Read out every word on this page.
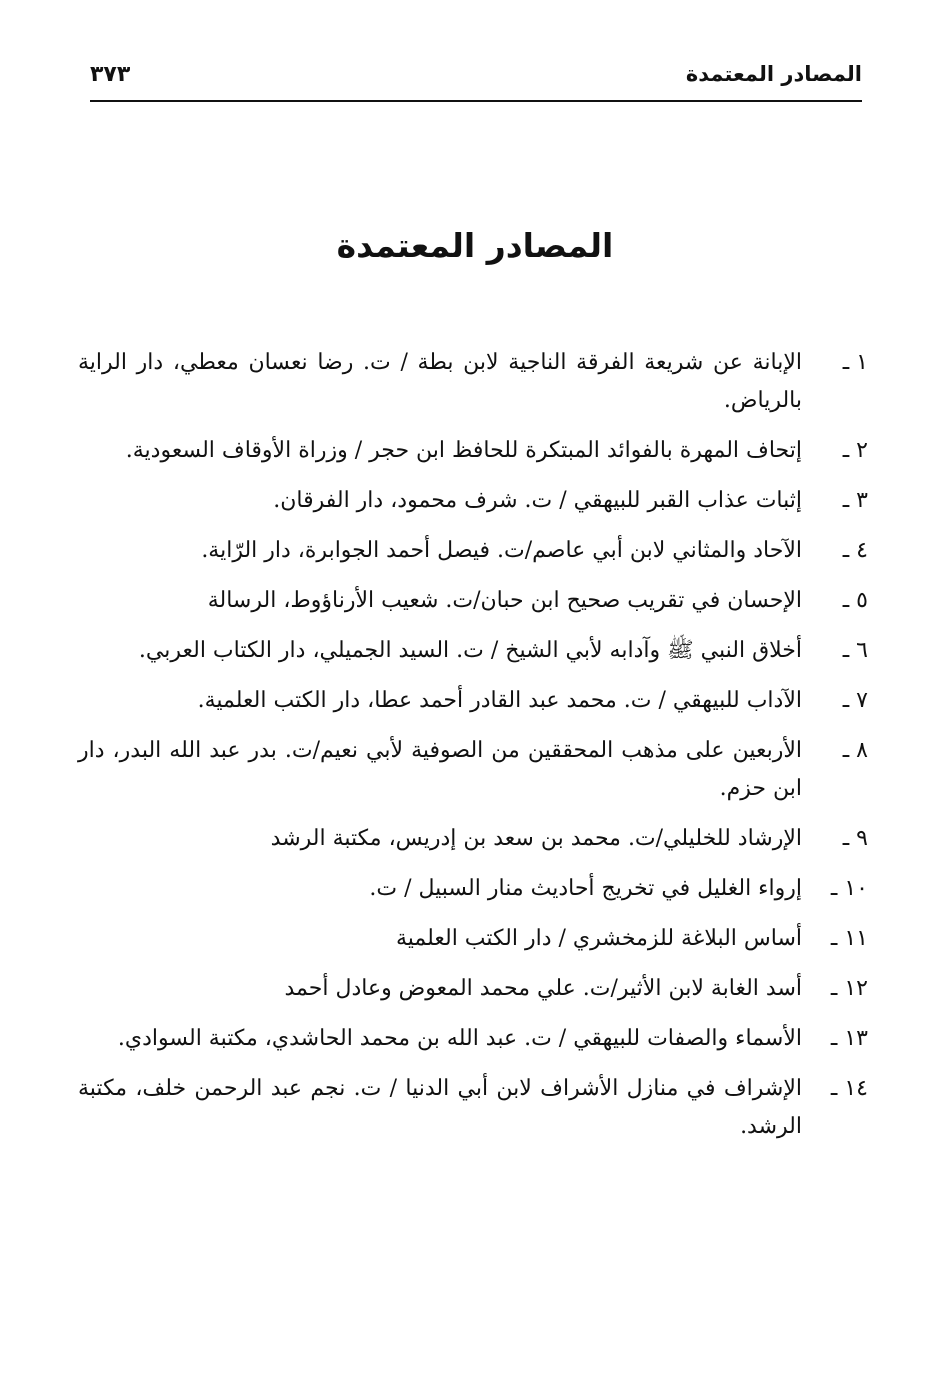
المصادر المعتمدة
٣٧٣
المصادر المعتمدة
١ ـ
الإبانة عن شريعة الفرقة الناجية لابن بطة / ت. رضا نعسان معطي، دار الراية بالرياض.
٢ ـ
إتحاف المهرة بالفوائد المبتكرة للحافظ ابن حجر / وزراة الأوقاف السعودية.
٣ ـ
إثبات عذاب القبر للبيهقي / ت. شرف محمود، دار الفرقان.
٤ ـ
الآحاد والمثاني لابن أبي عاصم/ت. فيصل أحمد الجوابرة، دار الرّاية.
٥ ـ
الإحسان في تقريب صحيح ابن حبان/ت. شعيب الأرناؤوط، الرسالة
٦ ـ
أخلاق النبي ﷺ وآدابه لأبي الشيخ / ت. السيد الجميلي، دار الكتاب العربي.
٧ ـ
الآداب للبيهقي / ت. محمد عبد القادر أحمد عطا، دار الكتب العلمية.
٨ ـ
الأربعين على مذهب المحققين من الصوفية لأبي نعيم/ت. بدر عبد الله البدر، دار ابن حزم.
٩ ـ
الإرشاد للخليلي/ت. محمد بن سعد بن إدريس، مكتبة الرشد
١٠ ـ
إرواء الغليل في تخريج أحاديث منار السبيل / ت.
١١ ـ
أساس البلاغة للزمخشري / دار الكتب العلمية
١٢ ـ
أسد الغابة لابن الأثير/ت. علي محمد المعوض وعادل أحمد
١٣ ـ
الأسماء والصفات للبيهقي / ت. عبد الله بن محمد الحاشدي، مكتبة السوادي.
١٤ ـ
الإشراف في منازل الأشراف لابن أبي الدنيا / ت. نجم عبد الرحمن خلف، مكتبة الرشد.
